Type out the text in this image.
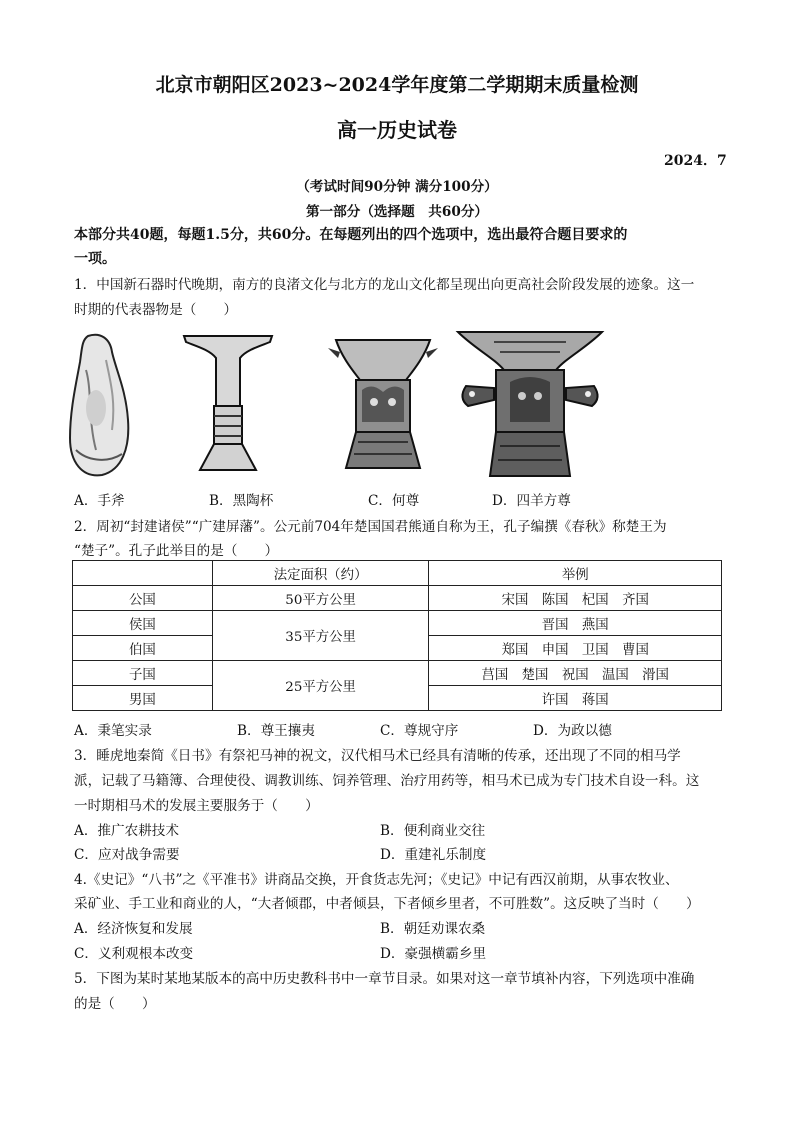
北京市朝阳区2023~2024学年度第二学期期末质量检测
高一历史试卷
2024．7
（考试时间90分钟 满分100分）
第一部分（选择题　共60分）
本部分共40题，每题1.5分，共60分。在每题列出的四个选项中，选出最符合题目要求的
一项。
1．中国新石器时代晚期，南方的良渚文化与北方的龙山文化都呈现出向更高社会阶段发展的迹象。这一
时期的代表器物是（　　）
A．手斧	B．黑陶杯	C．何尊	D．四羊方尊
2．周初“封建诸侯”“广建屏藩”。公元前704年楚国国君熊通自称为王，孔子编撰《春秋》称楚王为
“楚子”。孔子此举目的是（　　）
	法定面积（约）	举例
公国	50平方公里	宋国　陈国　杞国　齐国
侯国	35平方公里	晋国　燕国
伯国		郑国　申国　卫国　曹国
子国	25平方公里	莒国　楚国　祝国　温国　滑国
男国		许国　蒋国
A．秉笔实录	B．尊王攘夷	C．尊规守序	D．为政以德
3．睡虎地秦简《日书》有祭祀马神的祝文，汉代相马术已经具有清晰的传承，还出现了不同的相马学
派，记载了马籍簿、合理使役、调教训练、饲养管理、治疗用药等，相马术已成为专门技术自设一科。这
一时期相马术的发展主要服务于（　　）
A．推广农耕技术	B．便利商业交往
C．应对战争需要	D．重建礼乐制度
4.《史记》“八书”之《平准书》讲商品交换，开食货志先河；《史记》中记有西汉前期，从事农牧业、
采矿业、手工业和商业的人，“大者倾郡，中者倾县，下者倾乡里者，不可胜数”。这反映了当时（　　）
A．经济恢复和发展	B．朝廷劝课农桑
C．义利观根本改变	D．豪强横霸乡里
5．下图为某时某地某版本的高中历史教科书中一章节目录。如果对这一章节填补内容，下列选项中准确
的是（　　）
